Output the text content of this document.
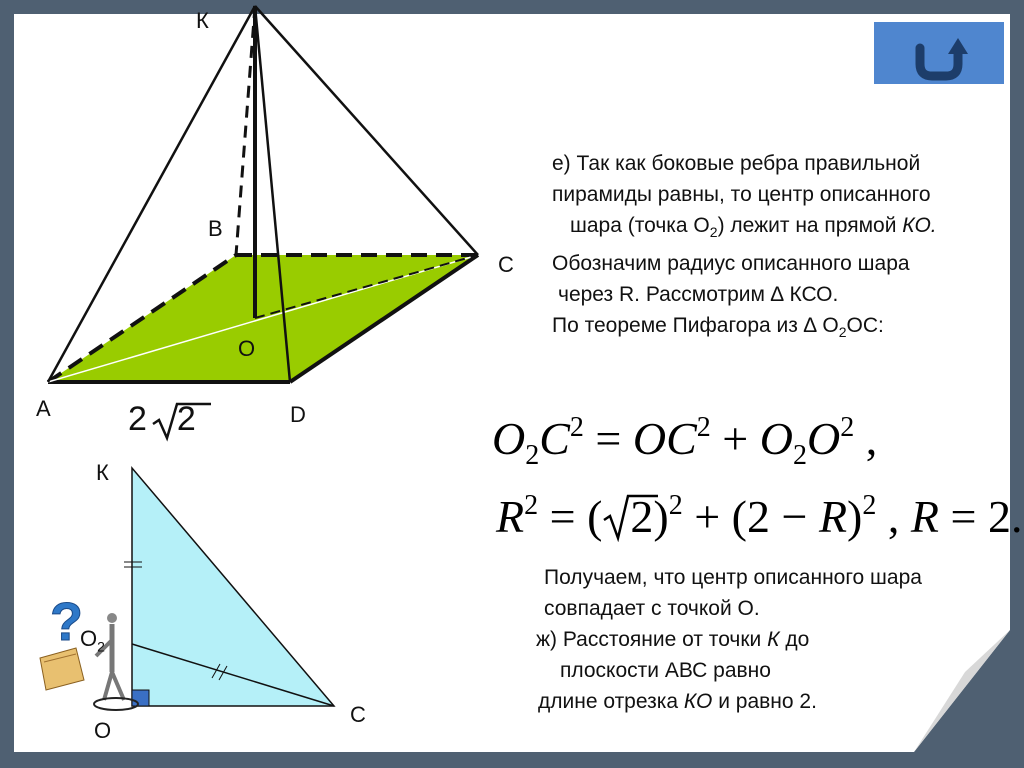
К
B
C
O
A	D
2 2
?
К
$O_2$
O
C
е) Так как боковые ребра правильной
пирамиды равны, то центр описанного
шара (точка $О_2$) лежит на прямой КО.
Обозначим радиус описанного шара
через R. Рассмотрим ∆ КСО.
По теореме Пифагора из ∆ $О_2ОС$:
$O_2C^2 = OC^2 + O_2O^2$ ,
$R^2$ = ( $2)^2 + (2 - R)^2$ , R = 2.
Получаем, что центр описанного шара
совпадает с точкой О.
ж) Расстояние от точки К до
плоскости АВС равно
длине отрезка КО и равно 2.
